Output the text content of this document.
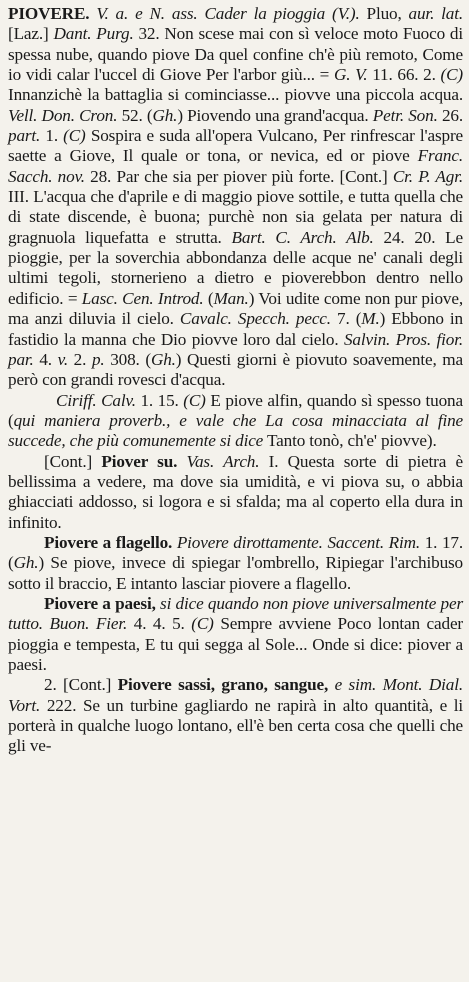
PIOVERE. V. a. e N. ass. Cader la pioggia (V.). Pluo, aur. lat. [Laz.] Dant. Purg. 32. Non scese mai con sì veloce moto Fuoco di spessa nube, quando piove Da quel confine ch'è più remoto, Come io vidi calar l'uccel di Giove Per l'arbor giù... = G. V. 11. 66. 2. (C) Innanzichè la battaglia si cominciasse... piovve una piccola acqua. Vell. Don. Cron. 52. (Gh.) Piovendo una grand'acqua. Petr. Son. 26. part. 1. (C) Sospira e suda all'opera Vulcano, Per rinfrescar l'aspre saette a Giove, Il quale or tona, or nevica, ed or piove Franc. Sacch. nov. 28. Par che sia per piover più forte. [Cont.] Cr. P. Agr. III. L'acqua che d'aprile e di maggio piove sottile, e tutta quella che di state discende, è buona; purchè non sia gelata per natura di gragnuola liquefatta e strutta. Bart. C. Arch. Alb. 24. 20. Le pioggie, per la soverchia abbondanza delle acque ne' canali degli ultimi tegoli, stornerieno a dietro e pioverebbon dentro nello edificio. = Lasc. Cen. Introd. (Man.) Voi udite come non pur piove, ma anzi diluvia il cielo. Cavalc. Specch. pecc. 7. (M.) Ebbono in fastidio la manna che Dio piovve loro dal cielo. Salvin. Pros. fior. par. 4. v. 2. p. 308. (Gh.) Questi giorni è piovuto soavemente, ma però con grandi rovesci d'acqua.

Ciriff. Calv. 1. 15. (C) E piove alfin, quando sì spesso tuona (qui maniera proverb., e vale che La cosa minacciata al fine succede, che più comunemente si dice Tanto tonò, ch'e' piovve).

[Cont.] Piover su. Vas. Arch. I. Questa sorte di pietra è bellissima a vedere, ma dove sia umidità, e vi piova su, o abbia ghiacciati addosso, si logora e si sfalda; ma al coperto ella dura in infinito.

Piovere a flagello. Piovere dirottamente. Saccent. Rim. 1. 17. (Gh.) Se piove, invece di spiegar l'ombrello, Ripiegar l'archibuso sotto il braccio, E intanto lasciar piovere a flagello.

Piovere a paesi, si dice quando non piove universalmente per tutto. Buon. Fier. 4. 4. 5. (C) Sempre avviene Poco lontan cader pioggia e tempesta, E tu qui segga al Sole... Onde si dice: piover a paesi.

2. [Cont.] Piovere sassi, grano, sangue, e sim. Mont. Dial. Vort. 222. Se un turbine gagliardo ne rapirà in alto quantità, e li porterà in qualche luogo lontano, ell'è ben certa cosa che quelli che gli ve-
